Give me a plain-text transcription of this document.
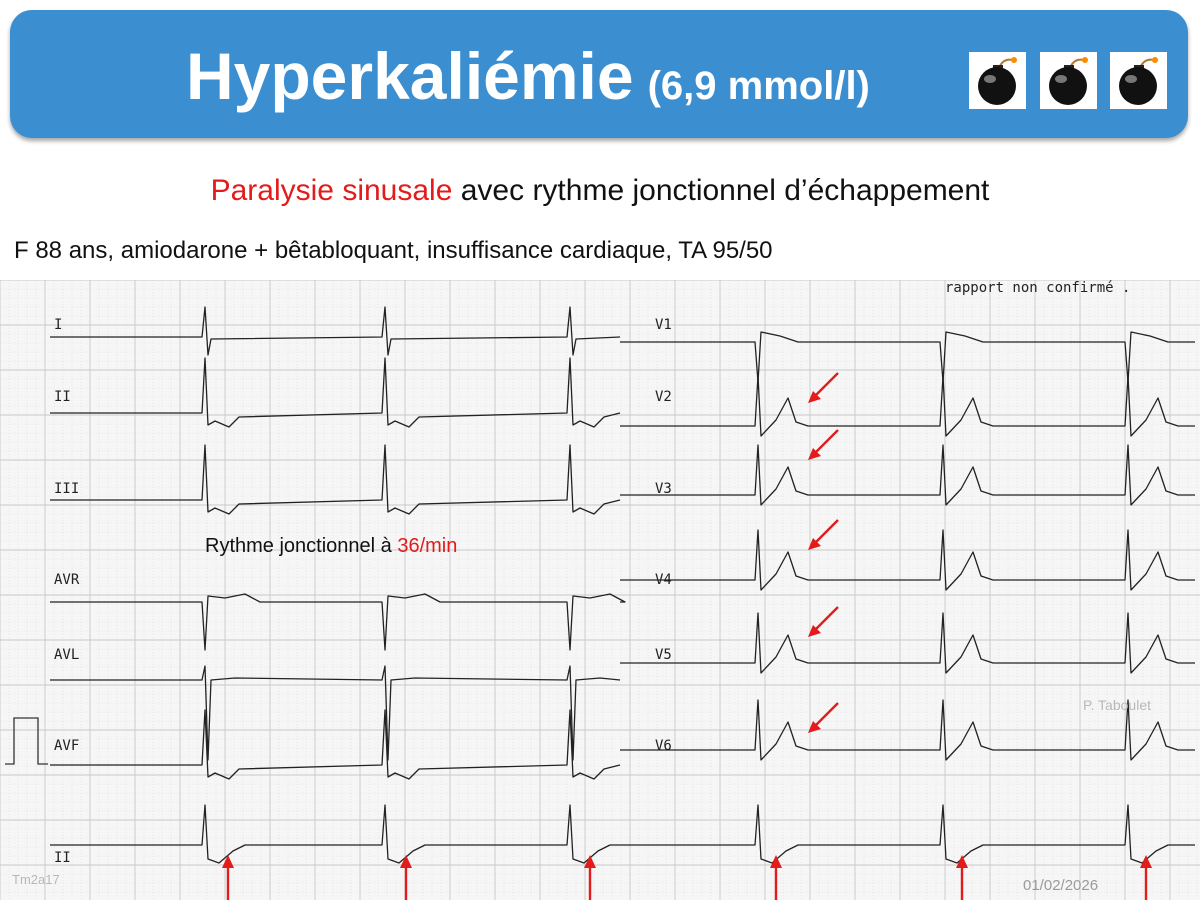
Hyperkaliémie (6,9 mmol/l)
Paralysie sinusale avec rythme jonctionnel d’échappement
F 88 ans, amiodarone + bêtabloquant, insuffisance cardiaque, TA 95/50
rapport non confirmé .
I
II
III
AVR
AVL
AVF
II
V1
V2
V3
V4
V5
V6
Rythme jonctionnel à 36/min
P. Taboulet
Tm2a17	01/02/2026
